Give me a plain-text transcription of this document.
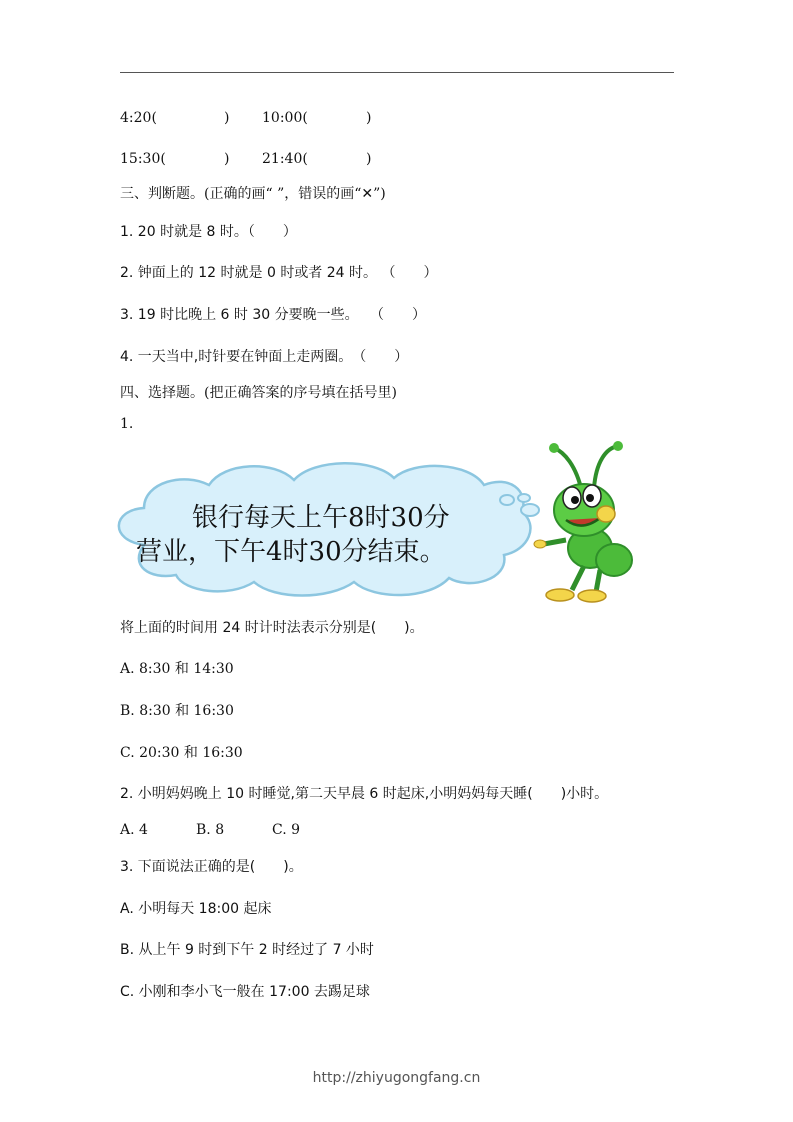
4:20(	) 10:00(	)
15:30(	) 21:40(	)
三、判断题。(正确的画“ ”，错误的画“✕”)
1. 20 时就是 8 时。（　　）
2. 钟面上的 12 时就是 0 时或者 24 时。 （　　）
3. 19 时比晚上 6 时 30 分要晚一些。　 （　　）
4. 一天当中,时针要在钟面上走两圈。　（　　）
四、选择题。(把正确答案的序号填在括号里)
1.
银行每天上午8时30分
营业，下午4时30分结束。
将上面的时间用 24 时计时法表示分别是(　　)。
A. 8:30 和 14:30
B. 8:30 和 16:30
C. 20:30 和 16:30
2. 小明妈妈晚上 10 时睡觉,第二天早晨 6 时起床,小明妈妈每天睡(　　)小时。
A. 4	B. 8	C. 9
3. 下面说法正确的是(　　)。
A. 小明每天 18:00 起床
B. 从上午 9 时到下午 2 时经过了 7 小时
C. 小刚和李小飞一般在 17:00 去踢足球
http://zhiyugongfang.cn
